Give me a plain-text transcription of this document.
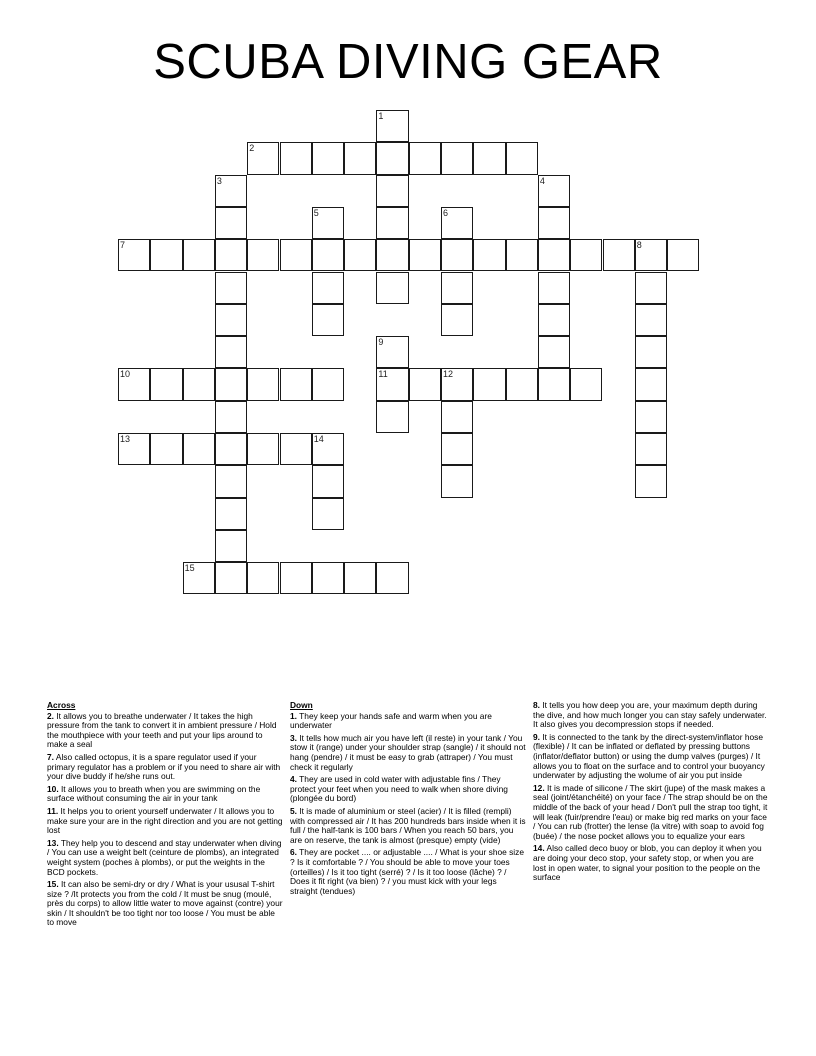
SCUBA DIVING GEAR
1
2
3	4
5	6
7	8
9
11
10	12
13	14
15
Across
2. It allows you to breathe underwater / It takes the high pressure from the tank to convert it in ambient pressure / Hold the mouthpiece with your teeth and put your lips around to make a seal
7. Also called octopus, it is a spare regulator used if your primary regulator has a problem or if you need to share air with your dive buddy if he/she runs out.
10. It allows you to breath when you are swimming on the surface without consuming the air in your tank
11. It helps you to orient yourself underwater / It allows you to make sure your are in the right direction and you are not getting lost
13. They help you to descend and stay underwater when diving / You can use a weight belt (ceinture de plombs), an integrated weight system (poches à plombs), or put the weights in the BCD pockets.
15. It can also be semi-dry or dry / What is your ususal T-shirt size ? /It protects you from the cold / It must be snug (moulé, près du corps) to allow little water to move against (contre) your skin / It shouldn't be too tight nor too loose / You must be able to move
Down
1. They keep your hands safe and warm when you are underwater
3. It tells how much air you have left (il reste) in your tank / You stow it (range) under your shoulder strap (sangle) / it should not hang (pendre) / it must be easy to grab (attraper) / You must check it regularly
4. They are used in cold water with adjustable fins / They protect your feet when you need to walk when shore diving (plongée du bord)
5. It is made of aluminium or steel (acier) / It is filled (rempli) with compressed air / It has 200 hundreds bars inside when it is full / the half-tank is 100 bars / When you reach 50 bars, you are on reserve, the tank is almost (presque) empty (vide)
6. They are pocket .... or adjustable .... / What is your shoe size ? Is it comfortable ? / You should be able to move your toes (orteilles) / Is it too tight (serré) ? / Is it too loose (lâche) ? / Does it fit right (va bien) ? / you must kick with your legs straight (tendues)
8. It tells you how deep you are, your maximum depth during the dive, and how much longer you can stay safely underwater. It also gives you decompression stops if needed.
9. It is connected to the tank by the direct-system/inflator hose (flexible) / It can be inflated or deflated by pressing buttons (inflator/deflator button) or using the dump valves (purges) / It allows you to float on the surface and to control your buoyancy underwater by adjusting the wolume of air you put inside
12. It is made of silicone / The skirt (jupe) of the mask makes a seal (joint/étanchéité) on your face / The strap should be on the middle of the back of your head / Don't pull the strap too tight, it will leak (fuir/prendre l'eau) or make big red marks on your face / You can rub (frotter) the lense (la vitre) with soap to avoid fog (buée) / the nose pocket allows you to equalize your ears
14. Also called deco buoy or blob, you can deploy it when you are doing your deco stop, your safety stop, or when you are lost in open water, to signal your position to the people on the surface
